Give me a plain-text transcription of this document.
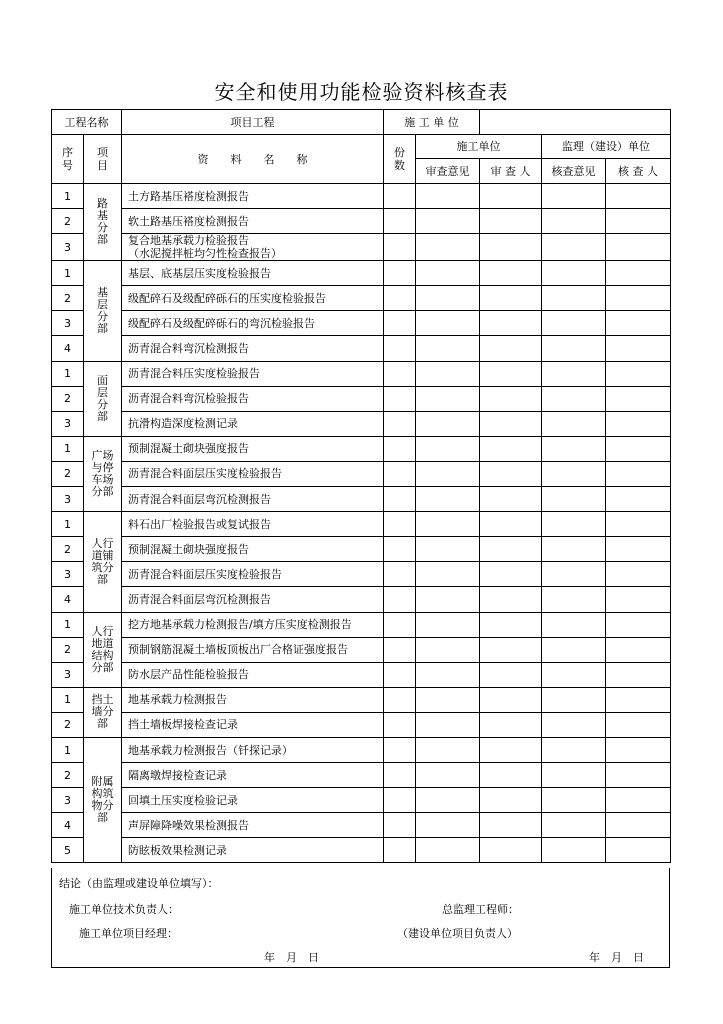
安全和使用功能检验资料核查表
工程名称		项目工程	施 工 单 位				
序号	项目	资　　料　　名　　称	份数	施工单位		监理（建设）单位	
				审查意见	审 查 人	核查意见	核 查 人
1	路基分部	土方路基压褡度检测报告					

2		软土路基压褡度检测报告					

3		复合地基承载力检验报告
（水泥搅拌桩均匀性检查报告）					

1	基层分部	基层、底基层压实度检验报告					

2		级配碎石及级配碎砾石的压实度检验报告					

3		级配碎石及级配碎砾石的弯沉检验报告					

4		沥青混合料弯沉检测报告					

1	面层分部	沥青混合料压实度检验报告					

2		沥青混合料弯沉检验报告					

3		抗滑构造深度检测记录					

1	广场与停车场分部	预制混凝土砌块强度报告					

2		沥青混合料面层压实度检验报告					

3		沥青混合料面层弯沉检测报告					

1	人行道铺筑分部	料石出厂检验报告或复试报告					

2		预制混凝土砌块强度报告					

3		沥青混合料面层压实度检验报告					

4		沥青混合料面层弯沉检测报告					

1	人行地道结构分部	挖方地基承载力检测报告/填方压实度检测报告					

2		预制钢筋混凝土墙板顶板出厂合格证强度报告					

3		防水层产品性能检验报告					

1	挡土墙分部	地基承载力检测报告					

2		挡土墙板焊接检查记录					

1	附属构筑物分部	地基承载力检测报告（钎探记录）					

2		隔离墩焊接检查记录					

3		回填土压实度检验记录					

4		声屏障降噪效果检测报告					

5		防眩板效果检测记录					

结论（由监理或建设单位填写）：
施工单位技术负责人：
施工单位项目经理：
总监理工程师：
（建设单位项目负责人）
年　月　日	年　月　日
